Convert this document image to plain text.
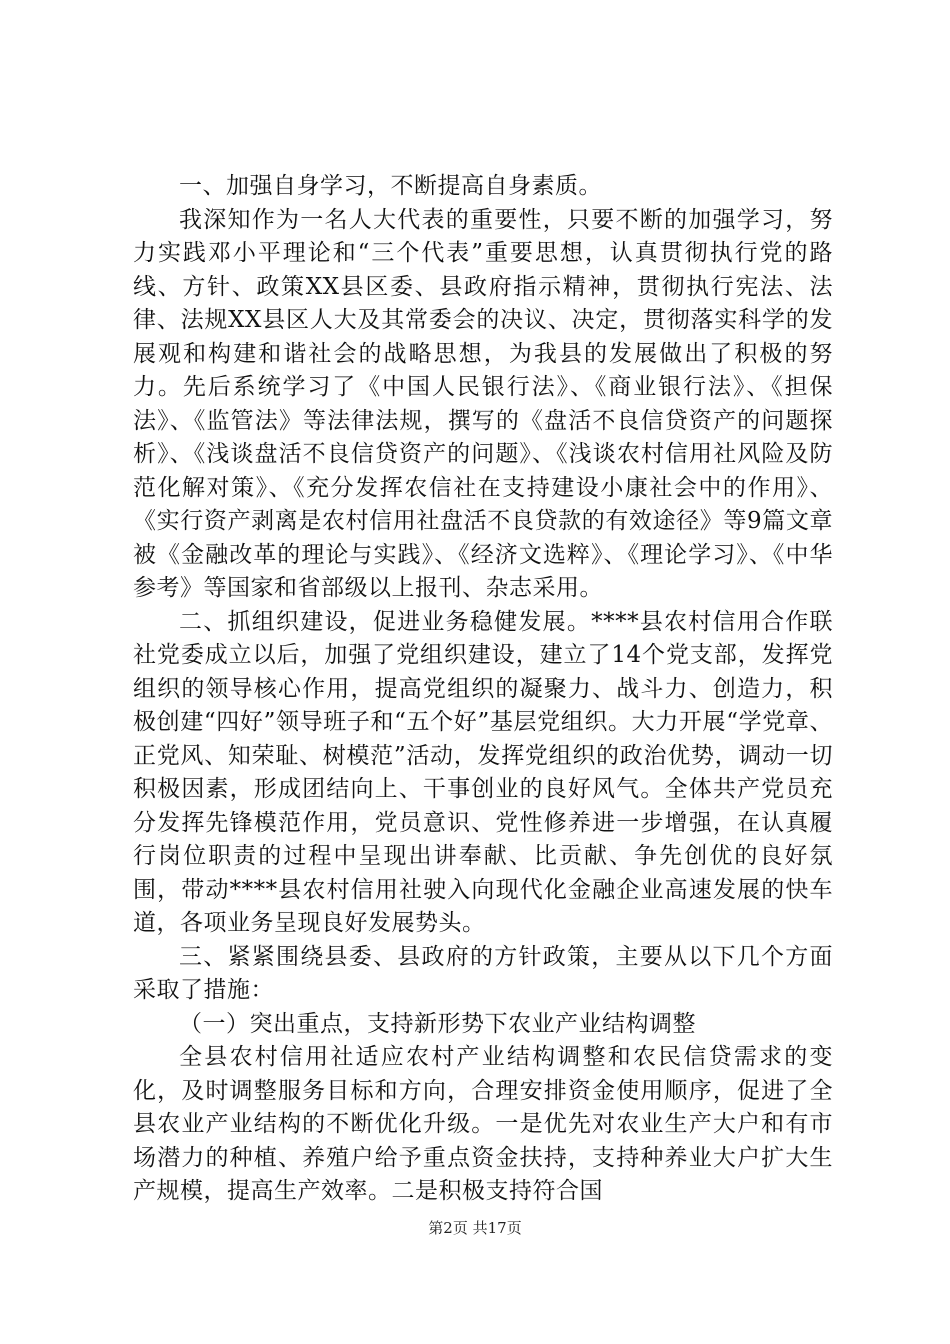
一、加强自身学习，不断提高自身素质。

我深知作为一名人大代表的重要性，只要不断的加强学习，努力实践邓小平理论和“三个代表”重要思想，认真贯彻执行党的路线、方针、政策XX县区委、县政府指示精神，贯彻执行宪法、法律、法规XX县区人大及其常委会的决议、决定，贯彻落实科学的发展观和构建和谐社会的战略思想，为我县的发展做出了积极的努力。先后系统学习了《中国人民银行法》、《商业银行法》、《担保法》、《监管法》等法律法规，撰写的《盘活不良信贷资产的问题探析》、《浅谈盘活不良信贷资产的问题》、《浅谈农村信用社风险及防范化解对策》、《充分发挥农信社在支持建设小康社会中的作用》、《实行资产剥离是农村信用社盘活不良贷款的有效途径》等9篇文章被《金融改革的理论与实践》、《经济文选粹》、《理论学习》、《中华参考》等国家和省部级以上报刊、杂志采用。

二、抓组织建设，促进业务稳健发展。****县农村信用合作联社党委成立以后，加强了党组织建设，建立了14个党支部，发挥党组织的领导核心作用，提高党组织的凝聚力、战斗力、创造力，积极创建“四好”领导班子和“五个好”基层党组织。大力开展“学党章、正党风、知荣耻、树模范”活动，发挥党组织的政治优势，调动一切积极因素，形成团结向上、干事创业的良好风气。全体共产党员充分发挥先锋模范作用，党员意识、党性修养进一步增强，在认真履行岗位职责的过程中呈现出讲奉献、比贡献、争先创优的良好氛围，带动****县农村信用社驶入向现代化金融企业高速发展的快车道，各项业务呈现良好发展势头。

三、紧紧围绕县委、县政府的方针政策，主要从以下几个方面采取了措施：

（一）突出重点，支持新形势下农业产业结构调整

全县农村信用社适应农村产业结构调整和农民信贷需求的变化，及时调整服务目标和方向，合理安排资金使用顺序，促进了全县农业产业结构的不断优化升级。一是优先对农业生产大户和有市场潜力的种植、养殖户给予重点资金扶持，支持种养业大户扩大生产规模，提高生产效率。二是积极支持符合国

第2页 共17页
